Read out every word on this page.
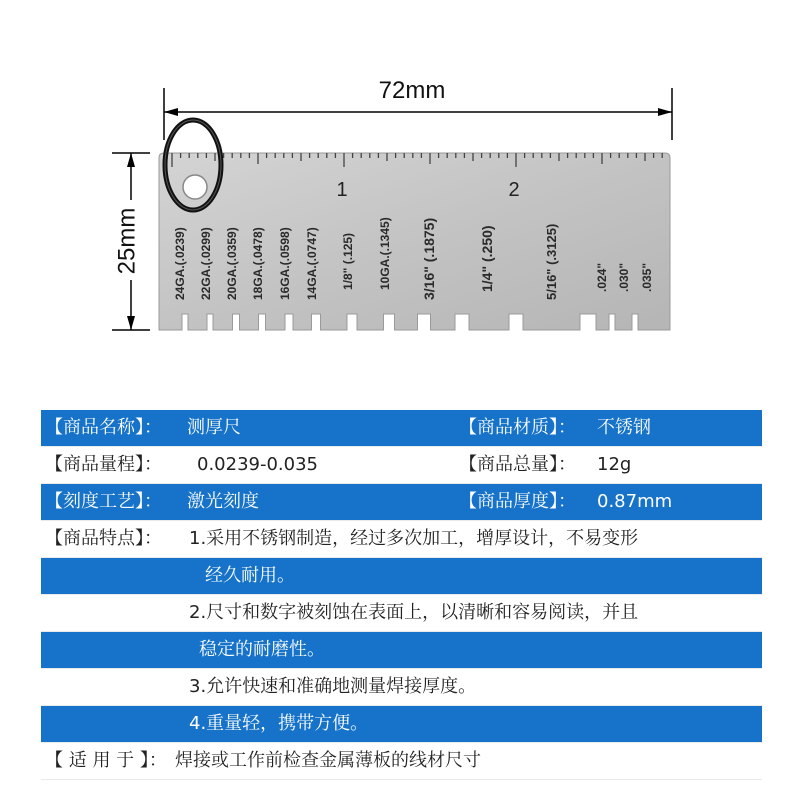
72mm
25mm
1	2
24GA.(.0239) 22GA.(.0299) 20GA.(.0359) 18GA.(.0478) 16GA.(.0598) 14GA.(.0747) 1/8" (.125) 10GA.(.1345) 3/16" (.1875)	1/4" (.250)	5/16" (.3125)	.024" .030" .035"
【商品名称】： 测厚尺	【商品材质】： 不锈钢
【商品量程】： 0.0239-0.035	【商品总量】： 12g
【刻度工艺】： 激光刻度	【商品厚度】： 0.87mm
【商品特点】： 1.采用不锈钢制造，经过多次加工，增厚设计，不易变形
经久耐用。
2.尺寸和数字被刻蚀在表面上，以清晰和容易阅读，并且
稳定的耐磨性。
3.允许快速和准确地测量焊接厚度。
4.重量轻，携带方便。
【 适 用 于 】： 焊接或工作前检查金属薄板的线材尺寸
